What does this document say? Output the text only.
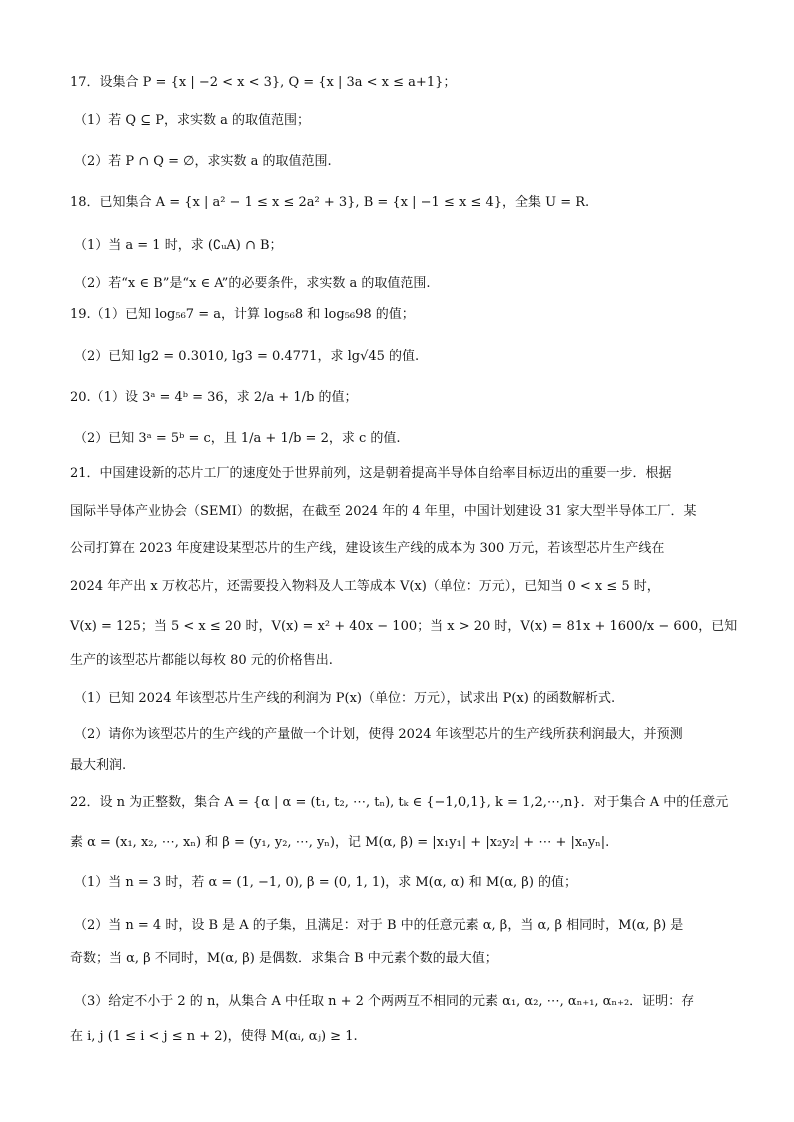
17．设集合 P = {x | −2 < x < 3}, Q = {x | 3a < x ≤ a+1}；
（1）若 Q ⊆ P，求实数 a 的取值范围；
（2）若 P ∩ Q = ∅，求实数 a 的取值范围.
18．已知集合 A = {x | a² − 1 ≤ x ≤ 2a² + 3}, B = {x | −1 ≤ x ≤ 4}，全集 U = R.
（1）当 a = 1 时，求 (∁ᵤA) ∩ B；
（2）若“x ∈ B”是“x ∈ A”的必要条件，求实数 a 的取值范围.
19.（1）已知 log₅₆7 = a，计算 log₅₆8 和 log₅₆98 的值；
（2）已知 lg2 = 0.3010, lg3 = 0.4771，求 lg√45 的值.
20.（1）设 3ᵃ = 4ᵇ = 36，求 2/a + 1/b 的值；
（2）已知 3ᵃ = 5ᵇ = c，且 1/a + 1/b = 2，求 c 的值.
21．中国建设新的芯片工厂的速度处于世界前列，这是朝着提高半导体自给率目标迈出的重要一步．根据
国际半导体产业协会（SEMI）的数据，在截至 2024 年的 4 年里，中国计划建设 31 家大型半导体工厂．某
公司打算在 2023 年度建设某型芯片的生产线，建设该生产线的成本为 300 万元，若该型芯片生产线在
2024 年产出 x 万枚芯片，还需要投入物料及人工等成本 V(x)（单位：万元），已知当 0 < x ≤ 5 时，
V(x) = 125；当 5 < x ≤ 20 时，V(x) = x² + 40x − 100；当 x > 20 时，V(x) = 81x + 1600/x − 600，已知
生产的该型芯片都能以每枚 80 元的价格售出.
（1）已知 2024 年该型芯片生产线的利润为 P(x)（单位：万元），试求出 P(x) 的函数解析式.
（2）请你为该型芯片的生产线的产量做一个计划，使得 2024 年该型芯片的生产线所获利润最大，并预测
最大利润.
22．设 n 为正整数，集合 A = {α | α = (t₁, t₂, ⋯, tₙ), tₖ ∈ {−1,0,1}, k = 1,2,⋯,n}．对于集合 A 中的任意元
素 α = (x₁, x₂, ⋯, xₙ) 和 β = (y₁, y₂, ⋯, yₙ)，记 M(α, β) = |x₁y₁| + |x₂y₂| + ⋯ + |xₙyₙ|.
（1）当 n = 3 时，若 α = (1, −1, 0), β = (0, 1, 1)，求 M(α, α) 和 M(α, β) 的值；
（2）当 n = 4 时，设 B 是 A 的子集，且满足：对于 B 中的任意元素 α, β，当 α, β 相同时，M(α, β) 是
奇数；当 α, β 不同时，M(α, β) 是偶数．求集合 B 中元素个数的最大值；
（3）给定不小于 2 的 n，从集合 A 中任取 n + 2 个两两互不相同的元素 α₁, α₂, ⋯, αₙ₊₁, αₙ₊₂．证明：存
在 i, j (1 ≤ i < j ≤ n + 2)，使得 M(αᵢ, αⱼ) ≥ 1.
